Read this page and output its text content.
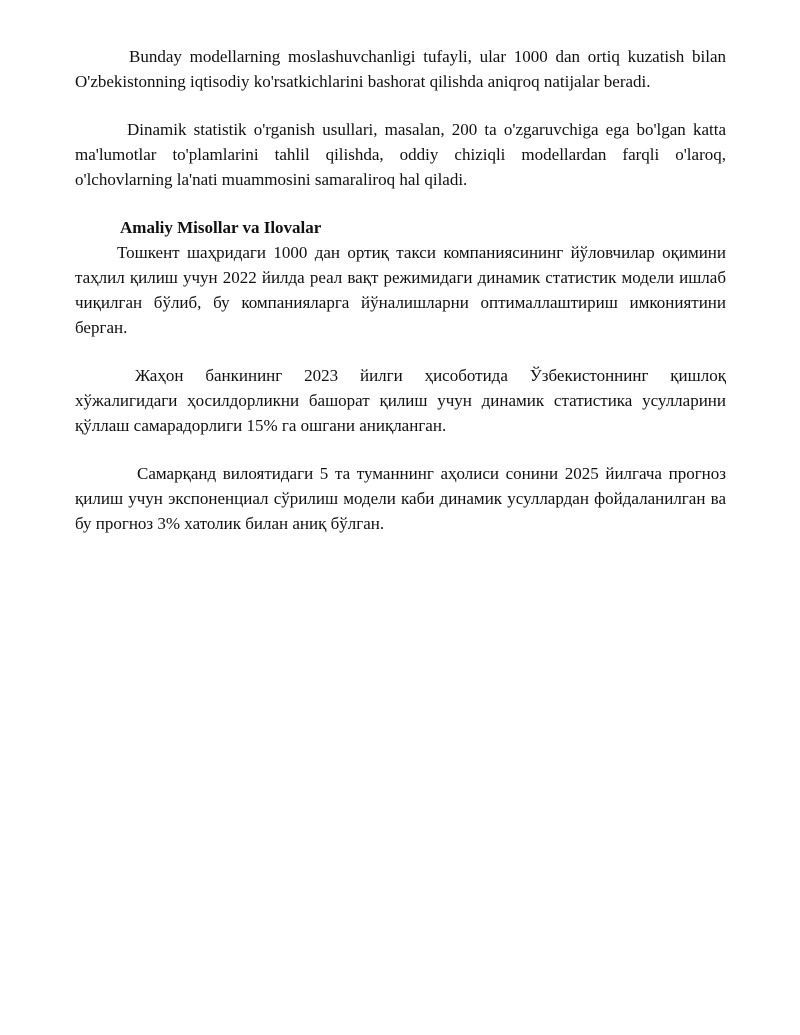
Bunday modellarning moslashuvchanligi tufayli, ular 1000 dan ortiq kuzatish bilan O'zbekistonning iqtisodiy ko'rsatkichlarini bashorat qilishda aniqroq natijalar beradi.

Dinamik statistik o'rganish usullari, masalan, 200 ta o'zgaruvchiga ega bo'lgan katta ma'lumotlar to'plamlarini tahlil qilishda, oddiy chiziqli modellardan farqli o'laroq, o'lchovlarning la'nati muammosini samaraliroq hal qiladi.

Amaliy Misollar va Ilovalar

Тошкент шаҳридаги 1000 дан ортиқ такси компаниясининг йўловчилар оқимини таҳлил қилиш учун 2022 йилда реал вақт режимидаги динамик статистик модели ишлаб чиқилган бўлиб, бу компанияларга йўналишларни оптималлаштириш имкониятини берган.

Жаҳон банкининг 2023 йилги ҳисоботида Ўзбекистоннинг қишлоқ хўжалигидаги ҳосилдорликни башорат қилиш учун динамик статистика усулларини қўллаш самарадорлиги 15% га ошгани аниқланган.

Самарқанд вилоятидаги 5 та туманнинг аҳолиси сонини 2025 йилгача прогноз қилиш учун экспоненциал сўрилиш модели каби динамик усуллардан фойдаланилган ва бу прогноз 3% хатолик билан аниқ бўлган.
